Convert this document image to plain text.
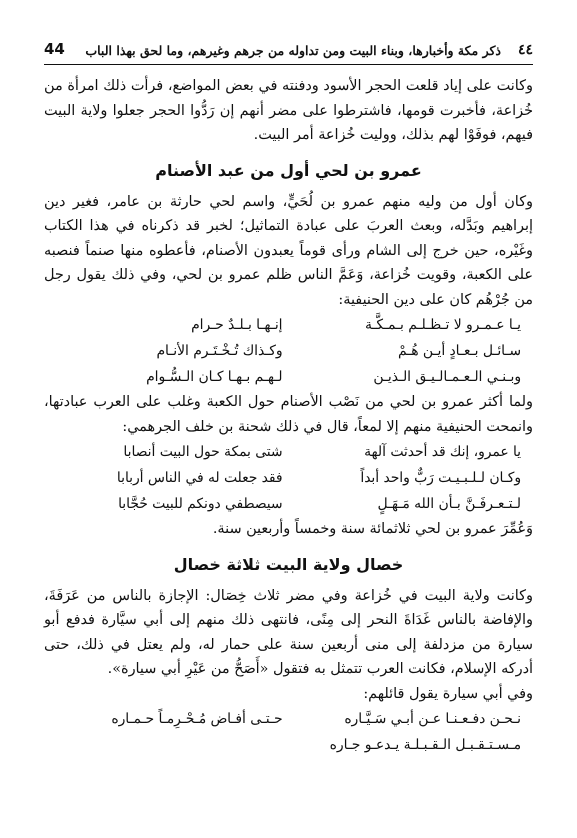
٤٤
ذكر مكة وأخبارها، وبناء البيت ومن تداوله من جرهم وغيرهم، وما لحق بهذا الباب
44

وكانت على إياد قلعت الحجر الأسود ودفنته في بعض المواضع، فرأت ذلك امرأة من خُزاعة، فأخبرت قومها، فاشترطوا على مضر أنهم إن رَدُّوا الحجر جعلوا ولاية البيت فيهم، فوفَوْا لهم بذلك، ووليت خُزاعة أمر البيت.

عمرو بن لحي أول من عبد الأصنام

وكان أول من وليه منهم عمرو بن لُحَيٍّ، واسم لحي حارثة بن عامر، فغير دين إبراهيم وبَدَّله، وبعث العربَ على عبادة التماثيل؛ لخبر قد ذكرناه في هذا الكتاب وغَيْره، حين خرج إلى الشام ورأى قوماً يعبدون الأصنام، فأعطوه منها صنماً فنصبه على الكعبة، وقويت خُزاعة، وَعَمَّ الناس ظلم عمرو بن لحي، وفي ذلك يقول رجل من جُرْهُم كان على دين الحنيفية:

يـا عـمـرو لا تـظـلـم بـمـكَّـة	إنـهـا بـلـدٌ حـرام
سـائـل بـعـادٍ أيـن هُـمْ	وكـذاك تُـخْـتَـرم الأنـام
وبـنـي الـعـمـالـيـق الـذيـن	لـهـم بـهـا كـان الـسُّـوام

ولما أكثر عمرو بن لحي من نَصْب الأصنام حول الكعبة وغلب على العرب عبادتها، وانمحت الحنيفية منهم إلا لمعاً، قال في ذلك شحنة بن خلف الجرهمي:

يا عمرو، إنك قد أحدثت آلهة	شتى بمكة حول البيت أنصابا
وكـان لـلـبـيـت رَبٌّ واحد أبداً	فقد جعلت له في الناس أربابا
لـتـعـرفَـنَّ بـأن الله مَـهَـلٍ	سيصطفي دونكم للبيت حُجَّابا

وَعُمِّرَ عمرو بن لحي ثلاثمائة سنة وخمساً وأربعين سنة.

خصال ولاية البيت ثلاثة خصال

وكانت ولاية البيت في خُزاعة وفي مضر ثلاث خِصَال: الإجازة بالناس من عَرَفَةَ، والإفاضة بالناس غَدَاةَ النحر إلى مِنًى، فانتهى ذلك منهم إلى أبي سيَّارة فدفع أبو سيارة من مزدلفة إلى منى أربعين سنة على حمار له، ولم يعتل في ذلك، حتى أدركه الإسلام، فكانت العرب تتمثل به فتقول «أَصَحُّ من عَيْرِ أبي سيارة».

وفي أبي سيارة يقول قائلهم:

نـحـن دفـعـنـا عـن أبـي سَـيَّـاره	حـتـى أفـاض مُـحْـرِمـاً حـمـاره
مـسـتـقـبـل الـقـبـلـة يـدعـو جـاره
